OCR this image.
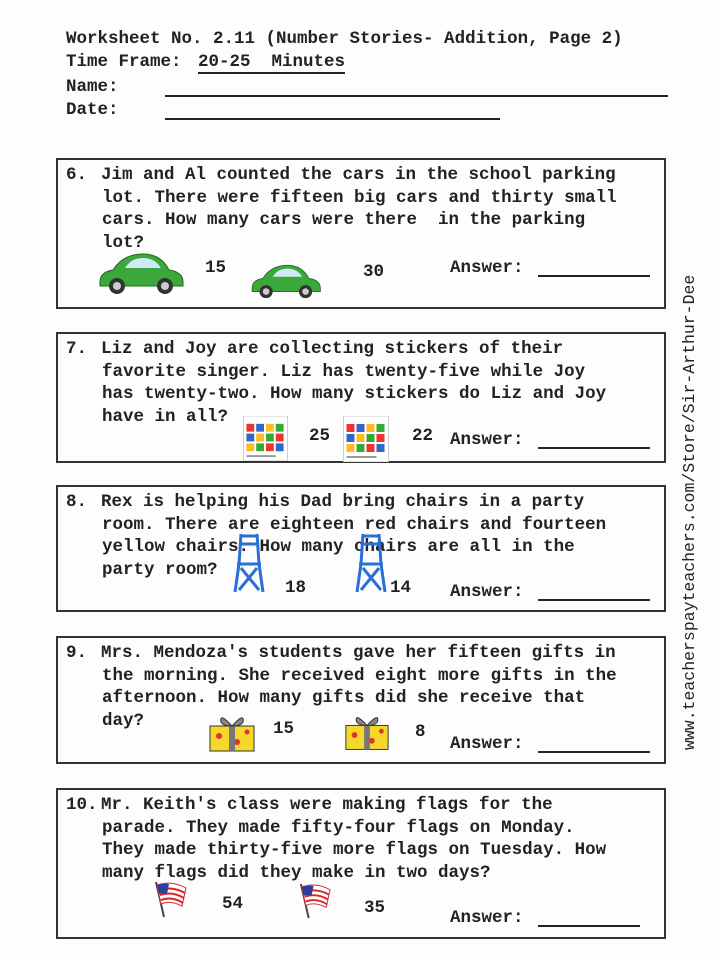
Worksheet No. 2.11 (Number Stories- Addition, Page 2)
Time Frame: 20-25  Minutes
Name:
Date:
6. Jim and Al counted the cars in the school parking
lot. There were fifteen big cars and thirty small
cars. How many cars were there  in the parking
lot?
15	30	Answer:
7. Liz and Joy are collecting stickers of their
favorite singer. Liz has twenty-five while Joy
has twenty-two. How many stickers do Liz and Joy
have in all?
25	22 Answer:
8. Rex is helping his Dad bring chairs in a party
room. There are eighteen red chairs and fourteen
yellow chairs. How many chairs are all in the
party room?
18	14 Answer:
9. Mrs. Mendoza's students gave her fifteen gifts in
the morning. She received eight more gifts in the
afternoon. How many gifts did she receive that
day?	15	8
Answer:
10. Mr. Keith's class were making flags for the
parade. They made fifty-four flags on Monday.
They made thirty-five more flags on Tuesday. How
many flags did they make in two days?
54	35	Answer:
www.teacherspayteachers.com/Store/Sir-Arthur-Dee
